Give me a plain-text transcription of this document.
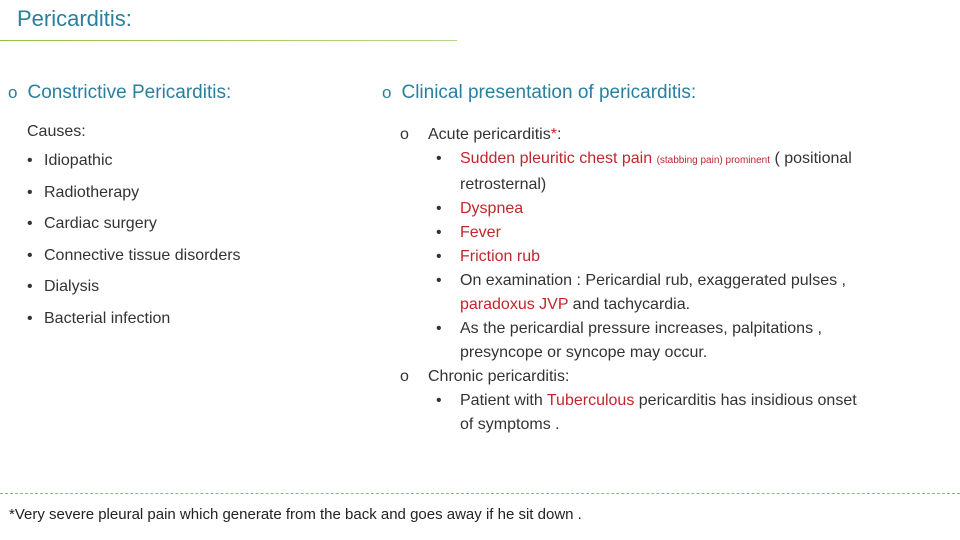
Pericarditis:
o Constrictive Pericarditis:
Causes:
• Idiopathic
• Radiotherapy
• Cardiac surgery
• Connective tissue disorders
• Dialysis
• Bacterial infection
o Clinical presentation of pericarditis:
o Acute pericarditis*:
• Sudden pleuritic chest pain (stabbing pain) prominent ( positional
retrosternal)
• Dyspnea
• Fever
• Friction rub
• On examination : Pericardial rub, exaggerated pulses ,
paradoxus JVP and tachycardia.
• As the pericardial pressure increases, palpitations ,
presyncope or syncope may occur.
o Chronic pericarditis:
• Patient with Tuberculous pericarditis has insidious onset
of symptoms .
*Very severe pleural pain which generate from the back and goes away if he sit down .
